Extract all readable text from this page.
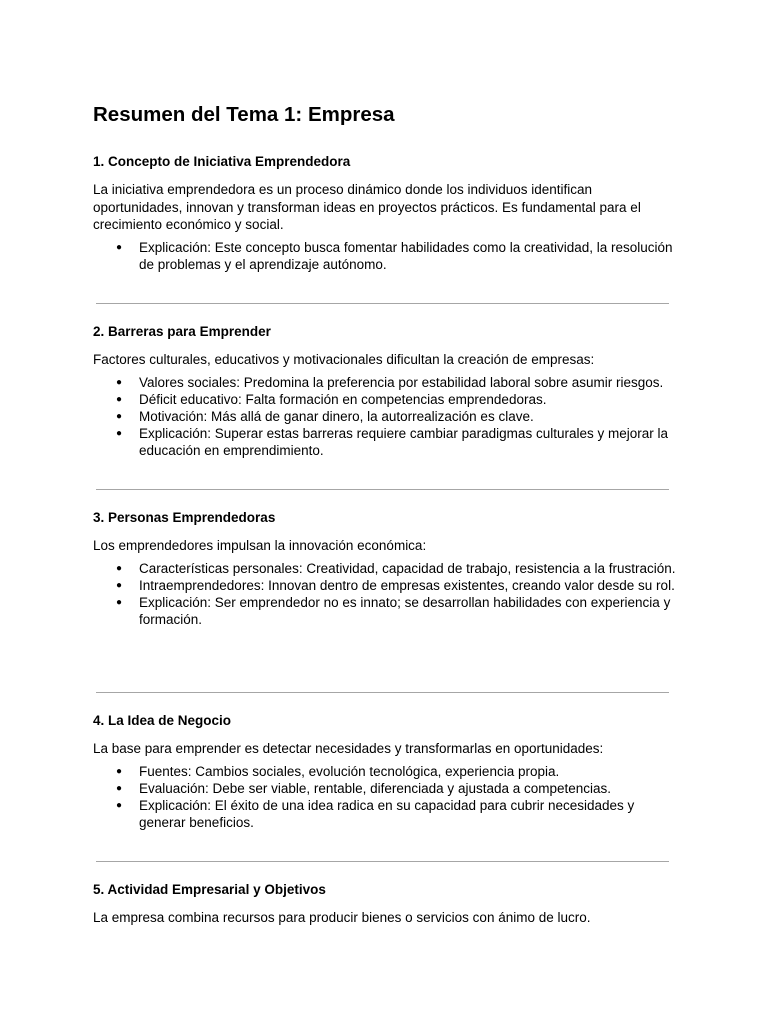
Resumen del Tema 1: Empresa
1. Concepto de Iniciativa Emprendedora

La iniciativa emprendedora es un proceso dinámico donde los individuos identifican oportunidades, innovan y transforman ideas en proyectos prácticos. Es fundamental para el crecimiento económico y social.

●	Explicación: Este concepto busca fomentar habilidades como la creatividad, la resolución de problemas y el aprendizaje autónomo.
2. Barreras para Emprender

Factores culturales, educativos y motivacionales dificultan la creación de empresas:

●	Valores sociales: Predomina la preferencia por estabilidad laboral sobre asumir riesgos.
●	Déficit educativo: Falta formación en competencias emprendedoras.
●	Motivación: Más allá de ganar dinero, la autorrealización es clave.
●	Explicación: Superar estas barreras requiere cambiar paradigmas culturales y mejorar la educación en emprendimiento.
3. Personas Emprendedoras

Los emprendedores impulsan la innovación económica:

●	Características personales: Creatividad, capacidad de trabajo, resistencia a la frustración.
●	Intraemprendedores: Innovan dentro de empresas existentes, creando valor desde su rol.
●	Explicación: Ser emprendedor no es innato; se desarrollan habilidades con experiencia y formación.
4. La Idea de Negocio

La base para emprender es detectar necesidades y transformarlas en oportunidades:

●	Fuentes: Cambios sociales, evolución tecnológica, experiencia propia.
●	Evaluación: Debe ser viable, rentable, diferenciada y ajustada a competencias.
●	Explicación: El éxito de una idea radica en su capacidad para cubrir necesidades y generar beneficios.
5. Actividad Empresarial y Objetivos

La empresa combina recursos para producir bienes o servicios con ánimo de lucro.
